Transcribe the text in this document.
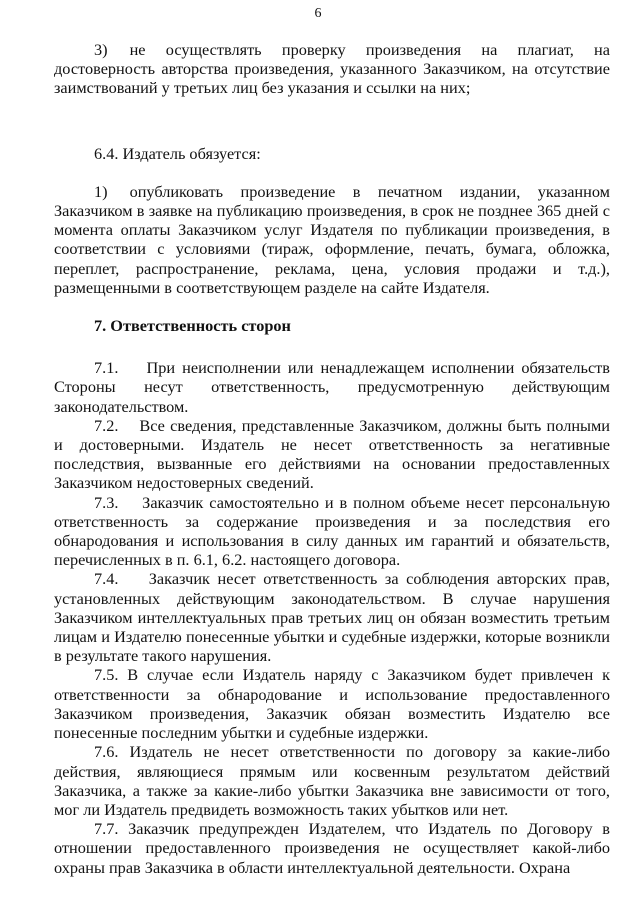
6

3) не осуществлять проверку произведения на плагиат, на достоверность авторства произведения, указанного Заказчиком, на отсутствие заимствований у третьих лиц без указания и ссылки на них;

6.4. Издатель обязуется:

1) опубликовать произведение в печатном издании, указанном Заказчиком в заявке на публикацию произведения, в срок не позднее 365 дней с момента оплаты Заказчиком услуг Издателя по публикации произведения, в соответствии с условиями (тираж, оформление, печать, бумага, обложка, переплет, распространение, реклама, цена, условия продажи и т.д.), размещенными в соответствующем разделе на сайте Издателя.

7. Ответственность сторон

7.1.    При неисполнении или ненадлежащем исполнении обязательств Стороны несут ответственность, предусмотренную действующим законодательством.

7.2.    Все сведения, представленные Заказчиком, должны быть полными и достоверными. Издатель не несет ответственность за негативные последствия, вызванные его действиями на основании предоставленных Заказчиком недостоверных сведений.

7.3.    Заказчик самостоятельно и в полном объеме несет персональную ответственность за содержание произведения и за последствия его обнародования и использования в силу данных им гарантий и обязательств, перечисленных в п. 6.1, 6.2. настоящего договора.

7.4.    Заказчик несет ответственность за соблюдения авторских прав, установленных действующим законодательством. В случае нарушения Заказчиком интеллектуальных прав третьих лиц он обязан возместить третьим лицам и Издателю понесенные убытки и судебные издержки, которые возникли в результате такого нарушения.

7.5. В случае если Издатель наряду с Заказчиком будет привлечен к ответственности за обнародование и использование предоставленного Заказчиком произведения, Заказчик обязан возместить Издателю все понесенные последним убытки и судебные издержки.

7.6. Издатель не несет ответственности по договору за какие-либо действия, являющиеся прямым или косвенным результатом действий Заказчика, а также за какие-либо убытки Заказчика вне зависимости от того, мог ли Издатель предвидеть возможность таких убытков или нет.

7.7. Заказчик предупрежден Издателем, что Издатель по Договору в отношении предоставленного произведения не осуществляет какой-либо охраны прав Заказчика в области интеллектуальной деятельности. Охрана
